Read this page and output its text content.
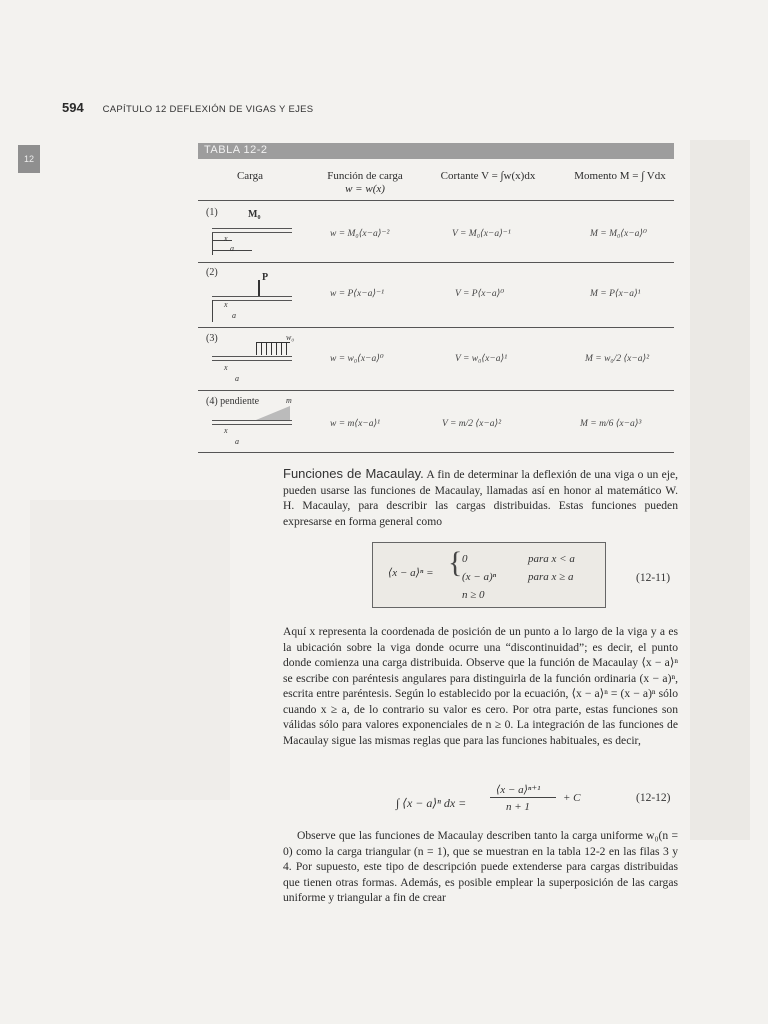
594 CAPÍTULO 12 DEFLEXIÓN DE VIGAS Y EJES
12
TABLA 12-2
Carga	Función de carga
w = w(x)
Cortante V = ∫w(x)dx	Momento M = ∫ Vdx
(1)	M₀
x
a
w = M₀⟨x−a⟩⁻²	V = M₀⟨x−a⟩⁻¹	M = M₀⟨x−a⟩⁰
(2)	P
x
a
w = P⟨x−a⟩⁻¹	V = P⟨x−a⟩⁰	M = P⟨x−a⟩¹
(3)	w₀
x
a
w = w₀⟨x−a⟩⁰	V = w₀⟨x−a⟩¹	M = w₀/2 ⟨x−a⟩²
(4) pendiente	m
x
a
w = m⟨x−a⟩¹	V = m/2 ⟨x−a⟩²	M = m/6 ⟨x−a⟩³
Funciones de Macaulay. A fin de determinar la deflexión de una viga o un eje, pueden usarse las funciones de Macaulay, llamadas así en honor al matemático W. H. Macaulay, para describir las cargas distribuidas. Estas funciones pueden expresarse en forma general como
⟨x − a⟩ⁿ = { 0	para x < a
(x − a)ⁿ	para x ≥ a
n ≥ 0
(12-11)
Aquí x representa la coordenada de posición de un punto a lo largo de la viga y a es la ubicación sobre la viga donde ocurre una “discontinuidad”; es decir, el punto donde comienza una carga distribuida. Observe que la función de Macaulay ⟨x − a⟩ⁿ se escribe con paréntesis angulares para distinguirla de la función ordinaria (x − a)ⁿ, escrita entre paréntesis. Según lo establecido por la ecuación, ⟨x − a⟩ⁿ = (x − a)ⁿ sólo cuando x ≥ a, de lo contrario su valor es cero. Por otra parte, estas funciones son válidas sólo para valores exponenciales de n ≥ 0. La integración de las funciones de Macaulay sigue las mismas reglas que para las funciones habituales, es decir,
∫ ⟨x − a⟩ⁿ dx =
⟨x − a⟩ⁿ⁺¹
n + 1
+ C	(12-12)
Observe que las funciones de Macaulay describen tanto la carga uniforme w₀(n = 0) como la carga triangular (n = 1), que se muestran en la tabla 12-2 en las filas 3 y 4. Por supuesto, este tipo de descripción puede extenderse para cargas distribuidas que tienen otras formas. Además, es posible emplear la superposición de las cargas uniforme y triangular a fin de crear
